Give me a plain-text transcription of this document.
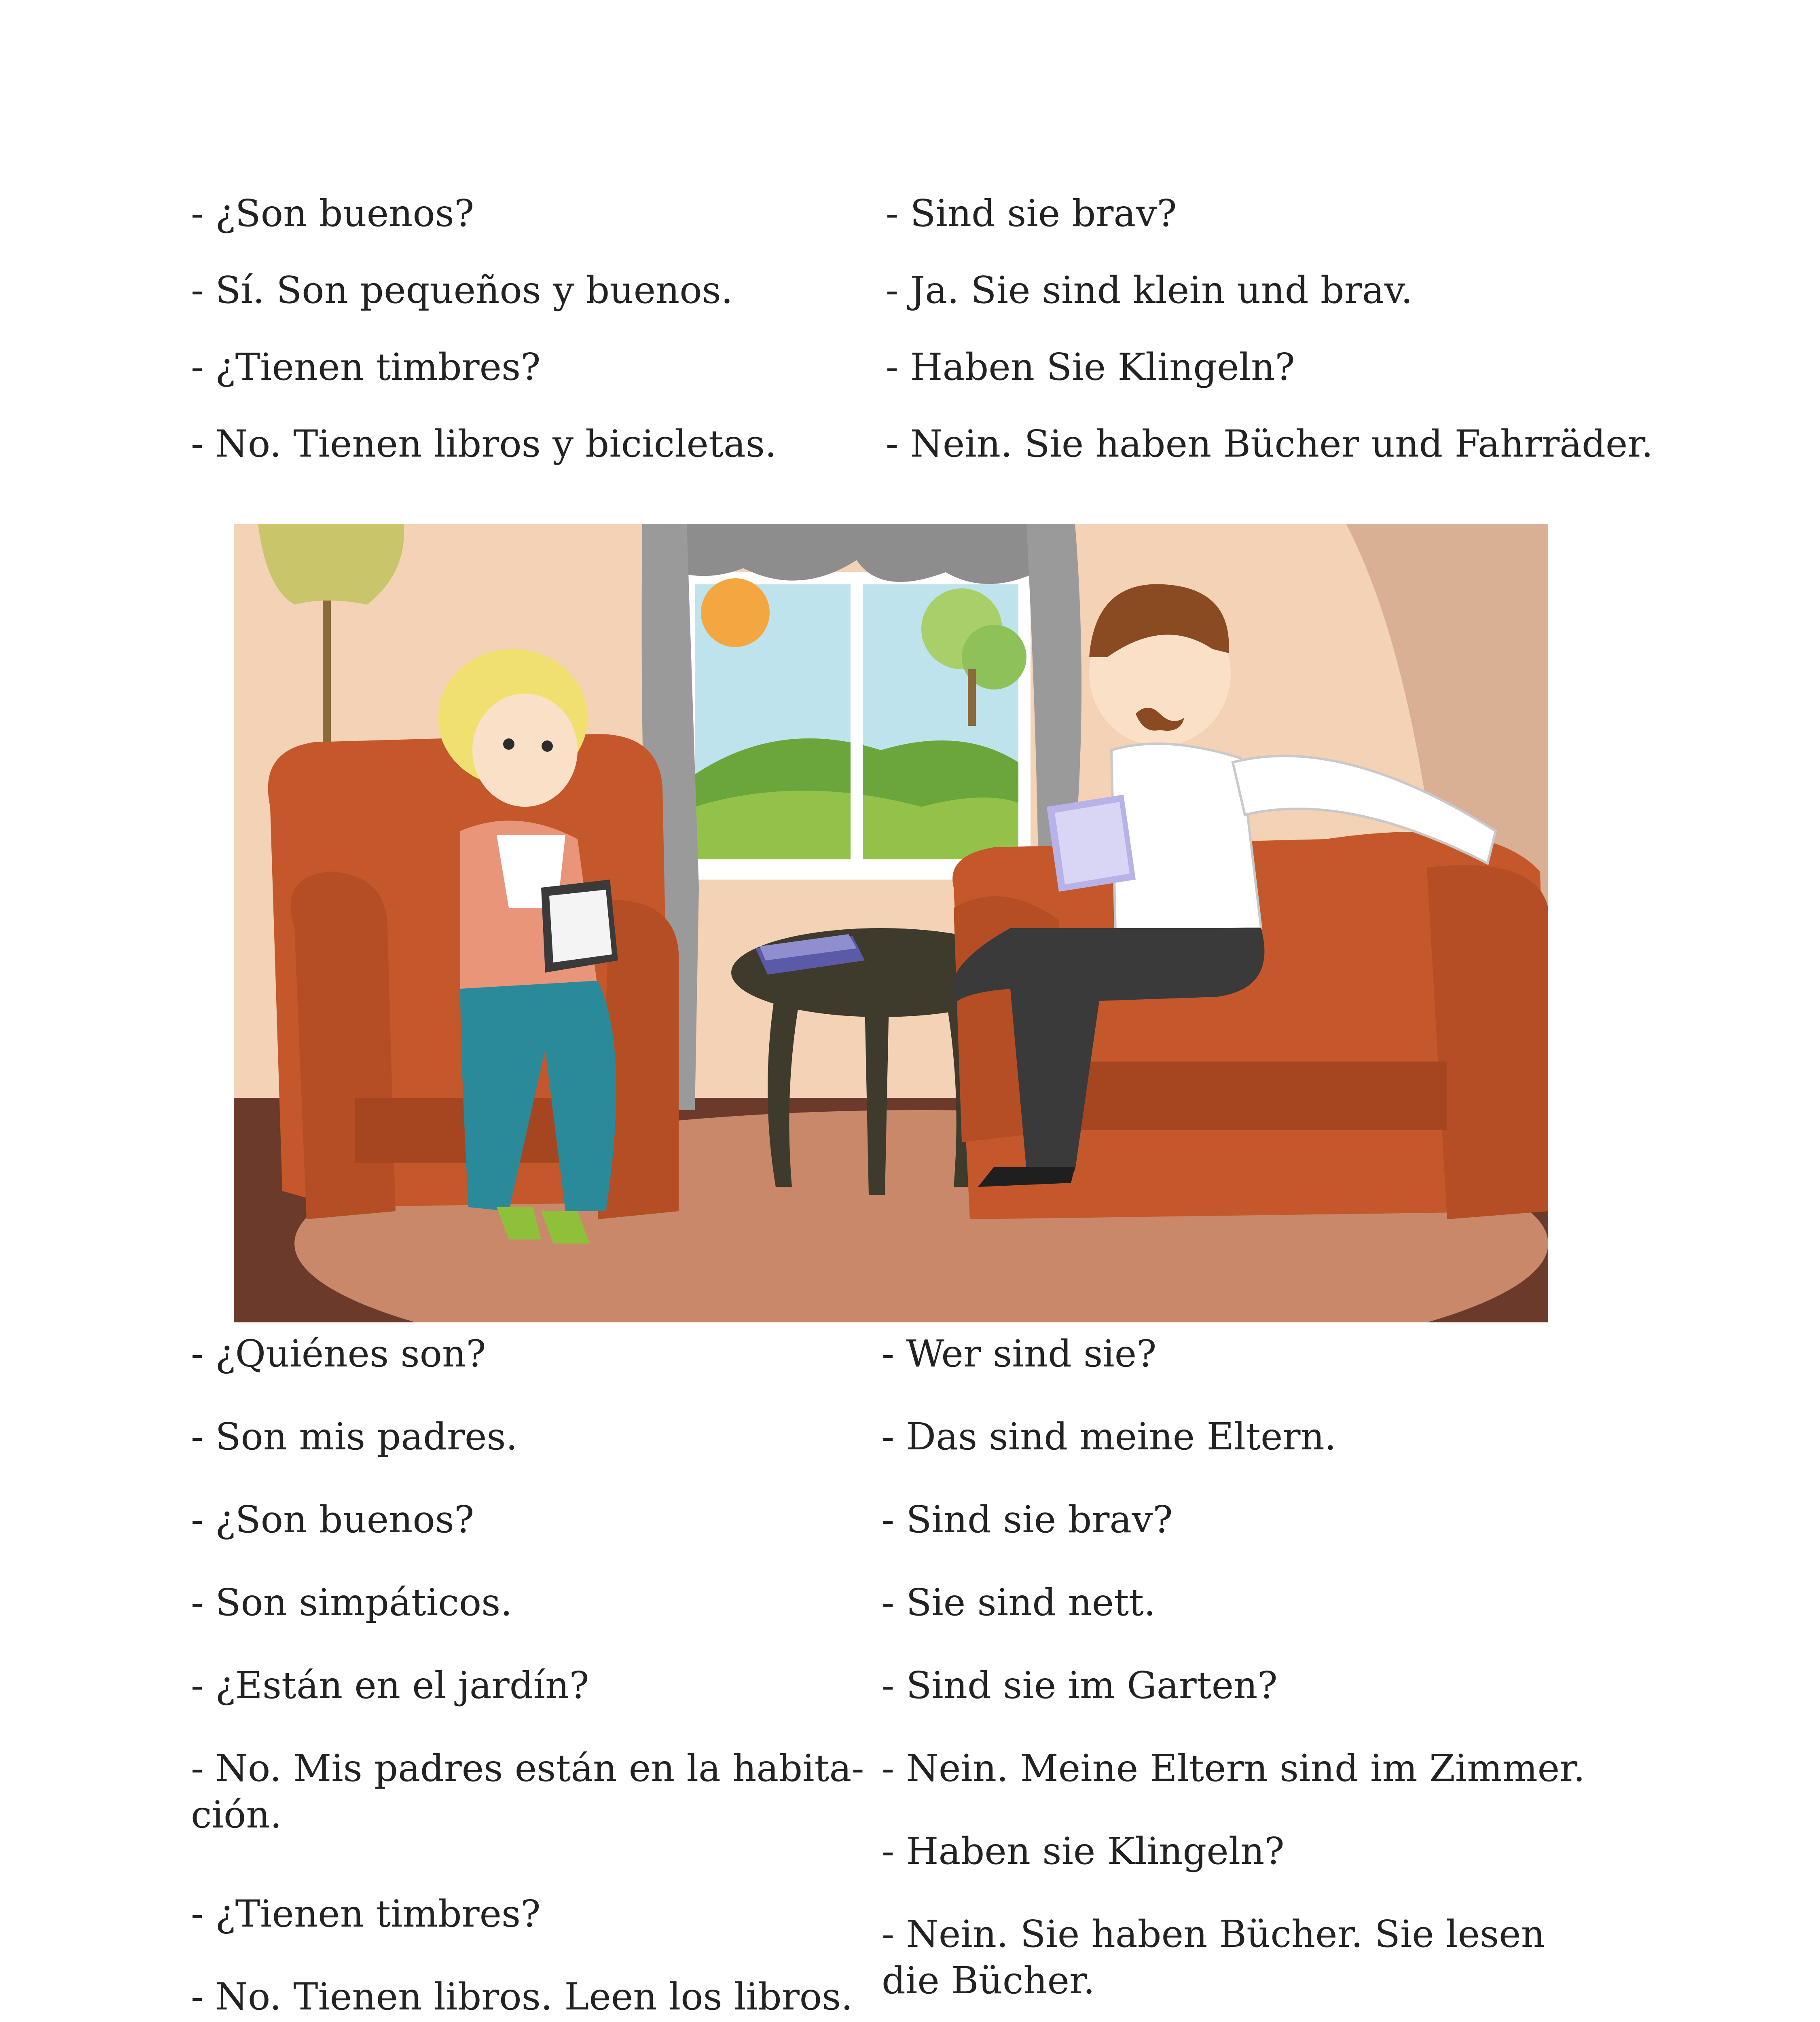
- ¿Son buenos?
- Sí. Son pequeños y buenos.
- ¿Tienen timbres?
- No. Tienen libros y bicicletas.
- Sind sie brav?
- Ja. Sie sind klein und brav.
- Haben Sie Klingeln?
- Nein. Sie haben Bücher und Fahrräder.
- ¿Quiénes son?
- Son mis padres.
- ¿Son buenos?
- Son simpáticos.
- ¿Están en el jardín?
- No. Mis padres están en la habita-
ción.
- ¿Tienen timbres?
- No. Tienen libros. Leen los libros.
- Wer sind sie?
- Das sind meine Eltern.
- Sind sie brav?
- Sie sind nett.
- Sind sie im Garten?
- Nein. Meine Eltern sind im Zimmer.
- Haben sie Klingeln?
- Nein. Sie haben Bücher. Sie lesen die Bücher.
